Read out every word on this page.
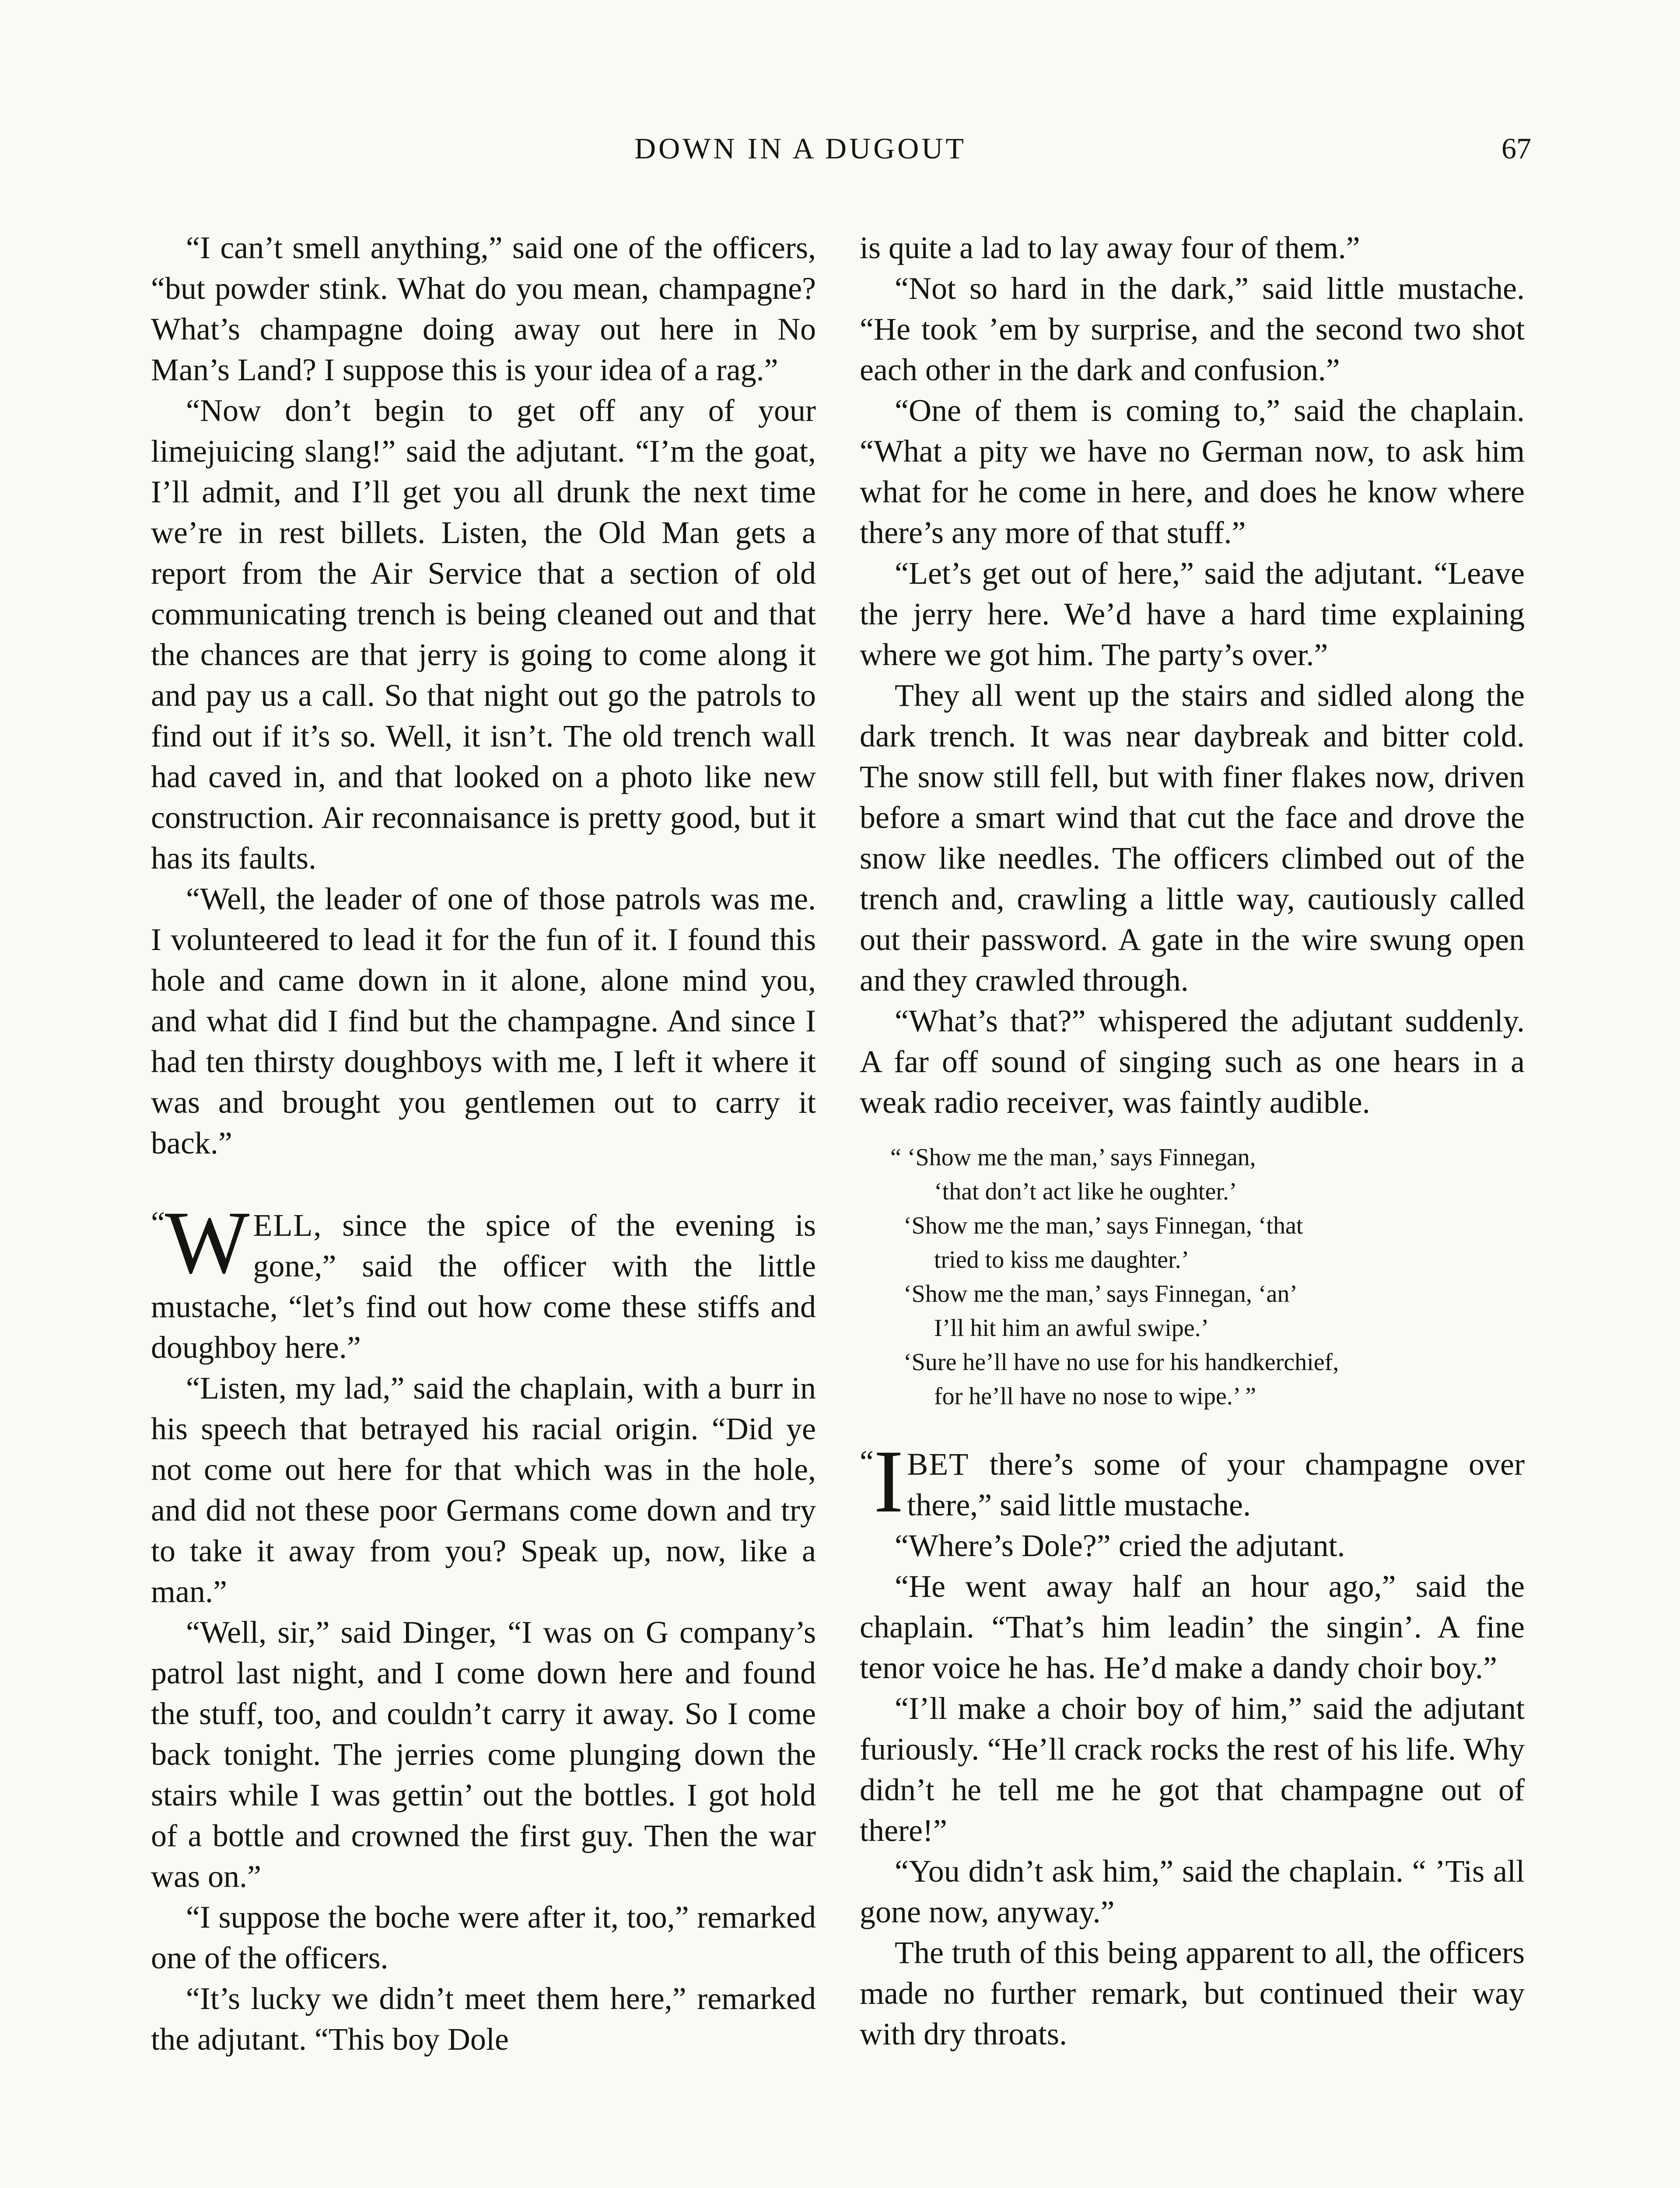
DOWN IN A DUGOUT	67

“I can’t smell anything,” said one of the officers, “but powder stink. What do you mean, champagne? What’s champagne doing away out here in No Man’s Land? I suppose this is your idea of a rag.”

“Now don’t begin to get off any of your limejuicing slang!” said the adjutant. “I’m the goat, I’ll admit, and I’ll get you all drunk the next time we’re in rest billets. Listen, the Old Man gets a report from the Air Service that a section of old communicating trench is being cleaned out and that the chances are that jerry is going to come along it and pay us a call. So that night out go the patrols to find out if it’s so. Well, it isn’t. The old trench wall had caved in, and that looked on a photo like new construction. Air reconnaisance is pretty good, but it has its faults.

“Well, the leader of one of those patrols was me. I volunteered to lead it for the fun of it. I found this hole and came down in it alone, alone mind you, and what did I find but the champagne. And since I had ten thirsty doughboys with me, I left it where it was and brought you gentlemen out to carry it back.”

“ W ELL, since the spice of the evening is gone,” said the officer with the little mustache, “let’s find out how come these stiffs and doughboy here.”

“Listen, my lad,” said the chaplain, with a burr in his speech that betrayed his racial origin. “Did ye not come out here for that which was in the hole, and did not these poor Germans come down and try to take it away from you? Speak up, now, like a man.”

“Well, sir,” said Dinger, “I was on G company’s patrol last night, and I come down here and found the stuff, too, and couldn’t carry it away. So I come back tonight. The jerries come plunging down the stairs while I was gettin’ out the bottles. I got hold of a bottle and crowned the first guy. Then the war was on.”

“I suppose the boche were after it, too,” remarked one of the officers.

“It’s lucky we didn’t meet them here,” remarked the adjutant. “This boy Dole

is quite a lad to lay away four of them.”

“Not so hard in the dark,” said little mustache. “He took ’em by surprise, and the second two shot each other in the dark and confusion.”

“One of them is coming to,” said the chaplain. “What a pity we have no German now, to ask him what for he come in here, and does he know where there’s any more of that stuff.”

“Let’s get out of here,” said the adjutant. “Leave the jerry here. We’d have a hard time explaining where we got him. The party’s over.”

They all went up the stairs and sidled along the dark trench. It was near daybreak and bitter cold. The snow still fell, but with finer flakes now, driven before a smart wind that cut the face and drove the snow like needles. The officers climbed out of the trench and, crawling a little way, cautiously called out their password. A gate in the wire swung open and they crawled through.

“What’s that?” whispered the adjutant suddenly. A far off sound of singing such as one hears in a weak radio receiver, was faintly audible.

“ ‘Show me the man,’ says Finnegan,
‘that don’t act like he oughter.’
‘Show me the man,’ says Finnegan, ‘that
tried to kiss me daughter.’
‘Show me the man,’ says Finnegan, ‘an’
I’ll hit him an awful swipe.’
‘Sure he’ll have no use for his handkerchief,
for he’ll have no nose to wipe.’ ”

“ I BET there’s some of your champagne over there,” said little mustache.

“Where’s Dole?” cried the adjutant.

“He went away half an hour ago,” said the chaplain. “That’s him leadin’ the singin’. A fine tenor voice he has. He’d make a dandy choir boy.”

“I’ll make a choir boy of him,” said the adjutant furiously. “He’ll crack rocks the rest of his life. Why didn’t he tell me he got that champagne out of there!”

“You didn’t ask him,” said the chaplain. “ ’Tis all gone now, anyway.”

The truth of this being apparent to all, the officers made no further remark, but continued their way with dry throats.
